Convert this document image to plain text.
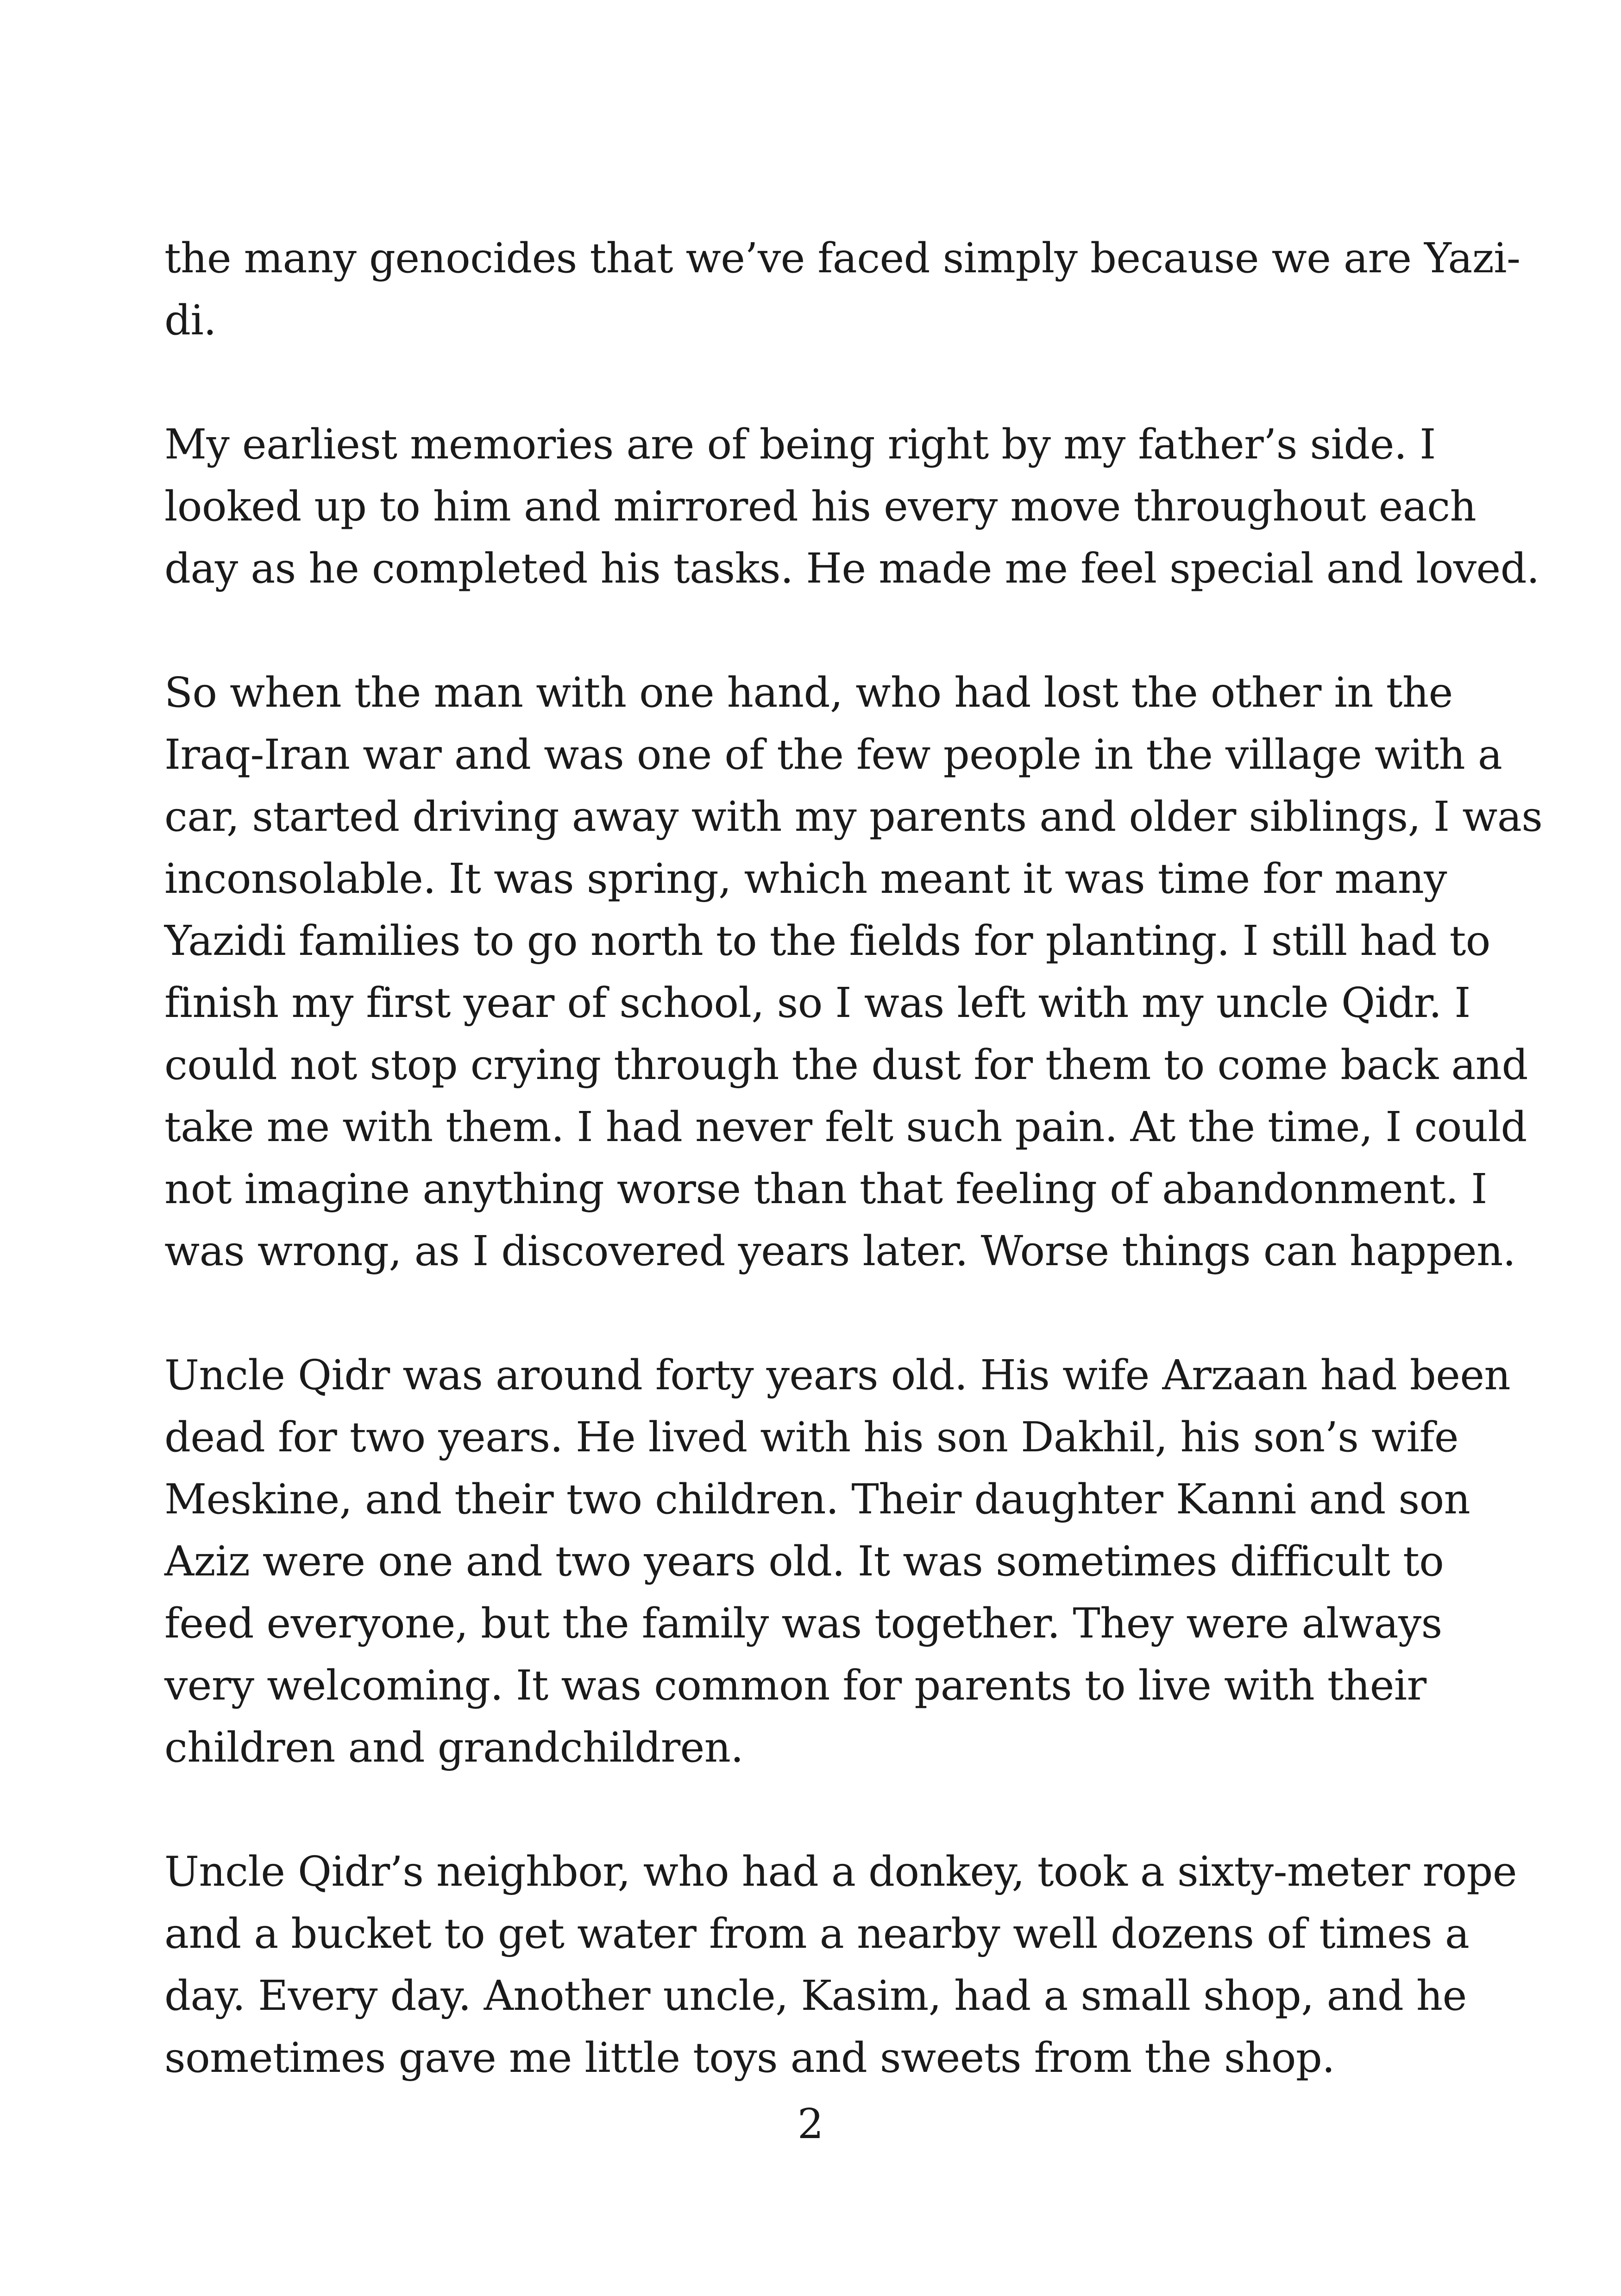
the many genocides that we’ve faced simply because we are Yazi-
di.

My earliest memories are of being right by my father’s side. I
looked up to him and mirrored his every move throughout each
day as he completed his tasks. He made me feel special and loved.

So when the man with one hand, who had lost the other in the
Iraq-Iran war and was one of the few people in the village with a
car, started driving away with my parents and older siblings, I was
inconsolable. It was spring, which meant it was time for many
Yazidi families to go north to the fields for planting. I still had to
finish my first year of school, so I was left with my uncle Qidr. I
could not stop crying through the dust for them to come back and
take me with them. I had never felt such pain. At the time, I could
not imagine anything worse than that feeling of abandonment. I
was wrong, as I discovered years later. Worse things can happen.

Uncle Qidr was around forty years old. His wife Arzaan had been
dead for two years. He lived with his son Dakhil, his son’s wife
Meskine, and their two children. Their daughter Kanni and son
Aziz were one and two years old. It was sometimes difficult to
feed everyone, but the family was together. They were always
very welcoming. It was common for parents to live with their
children and grandchildren.

Uncle Qidr’s neighbor, who had a donkey, took a sixty-meter rope
and a bucket to get water from a nearby well dozens of times a
day. Every day. Another uncle, Kasim, had a small shop, and he
sometimes gave me little toys and sweets from the shop.

2
